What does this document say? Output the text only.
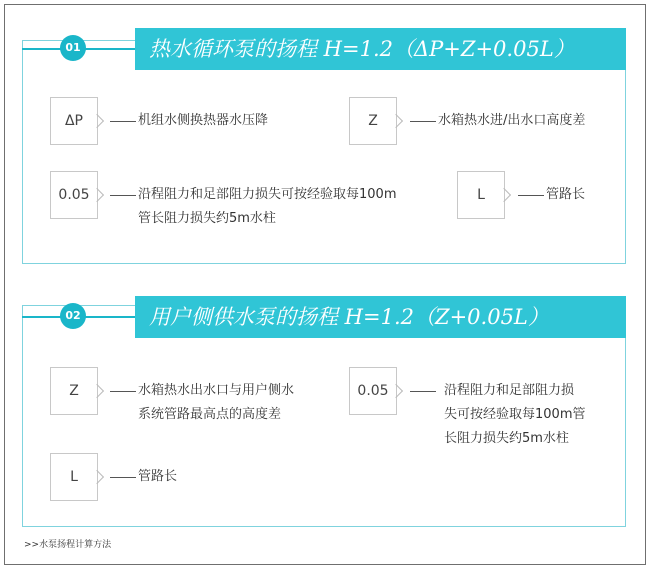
01	热水循环泵的扬程 H=1.2（ΔP+Z+0.05L）
ΔP	机组水侧换热器水压降	Z	水箱热水进/出水口高度差
0.05	沿程阻力和足部阻力损失可按经验取每100m
管长阻力损失约5m水柱
L	管路长
02	用户侧供水泵的扬程 H=1.2（Z+0.05L）
Z	水箱热水出水口与用户侧水
系统管路最高点的高度差
0.05	沿程阻力和足部阻力损
失可按经验取每100m管
长阻力损失约5m水柱
L	管路长
>>水泵扬程计算方法
